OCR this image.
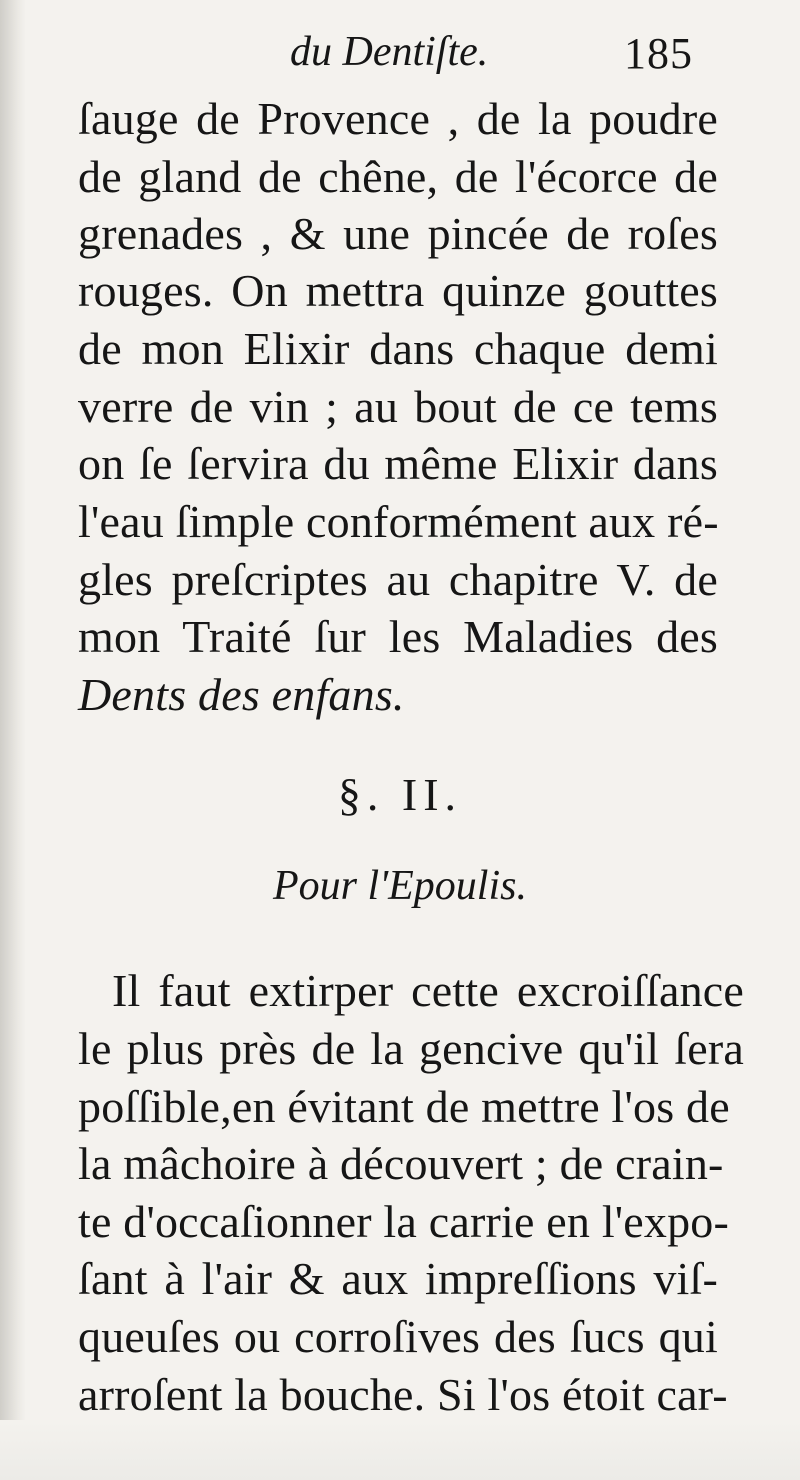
du Dentiſte.	185
ſauge de Provence , de la poudre
de gland de chêne, de l'écorce de
grenades , & une pincée de roſes
rouges. On mettra quinze gouttes
de mon Elixir dans chaque demi
verre de vin ; au bout de ce tems
on ſe ſervira du même Elixir dans
l'eau ſimple conformément aux ré-
gles preſcriptes au chapitre V. de
mon Traité ſur les Maladies des
Dents des enfans.
§. II.
Pour l'Epoulis.
Il faut extirper cette excroiſſance
le plus près de la gencive qu'il ſera
poſſible,en évitant de mettre l'os de
la mâchoire à découvert ; de crain-
te d'occaſionner la carrie en l'expo-
ſant à l'air & aux impreſſions viſ-
queuſes ou corroſives des ſucs qui
arroſent la bouche. Si l'os étoit car-
